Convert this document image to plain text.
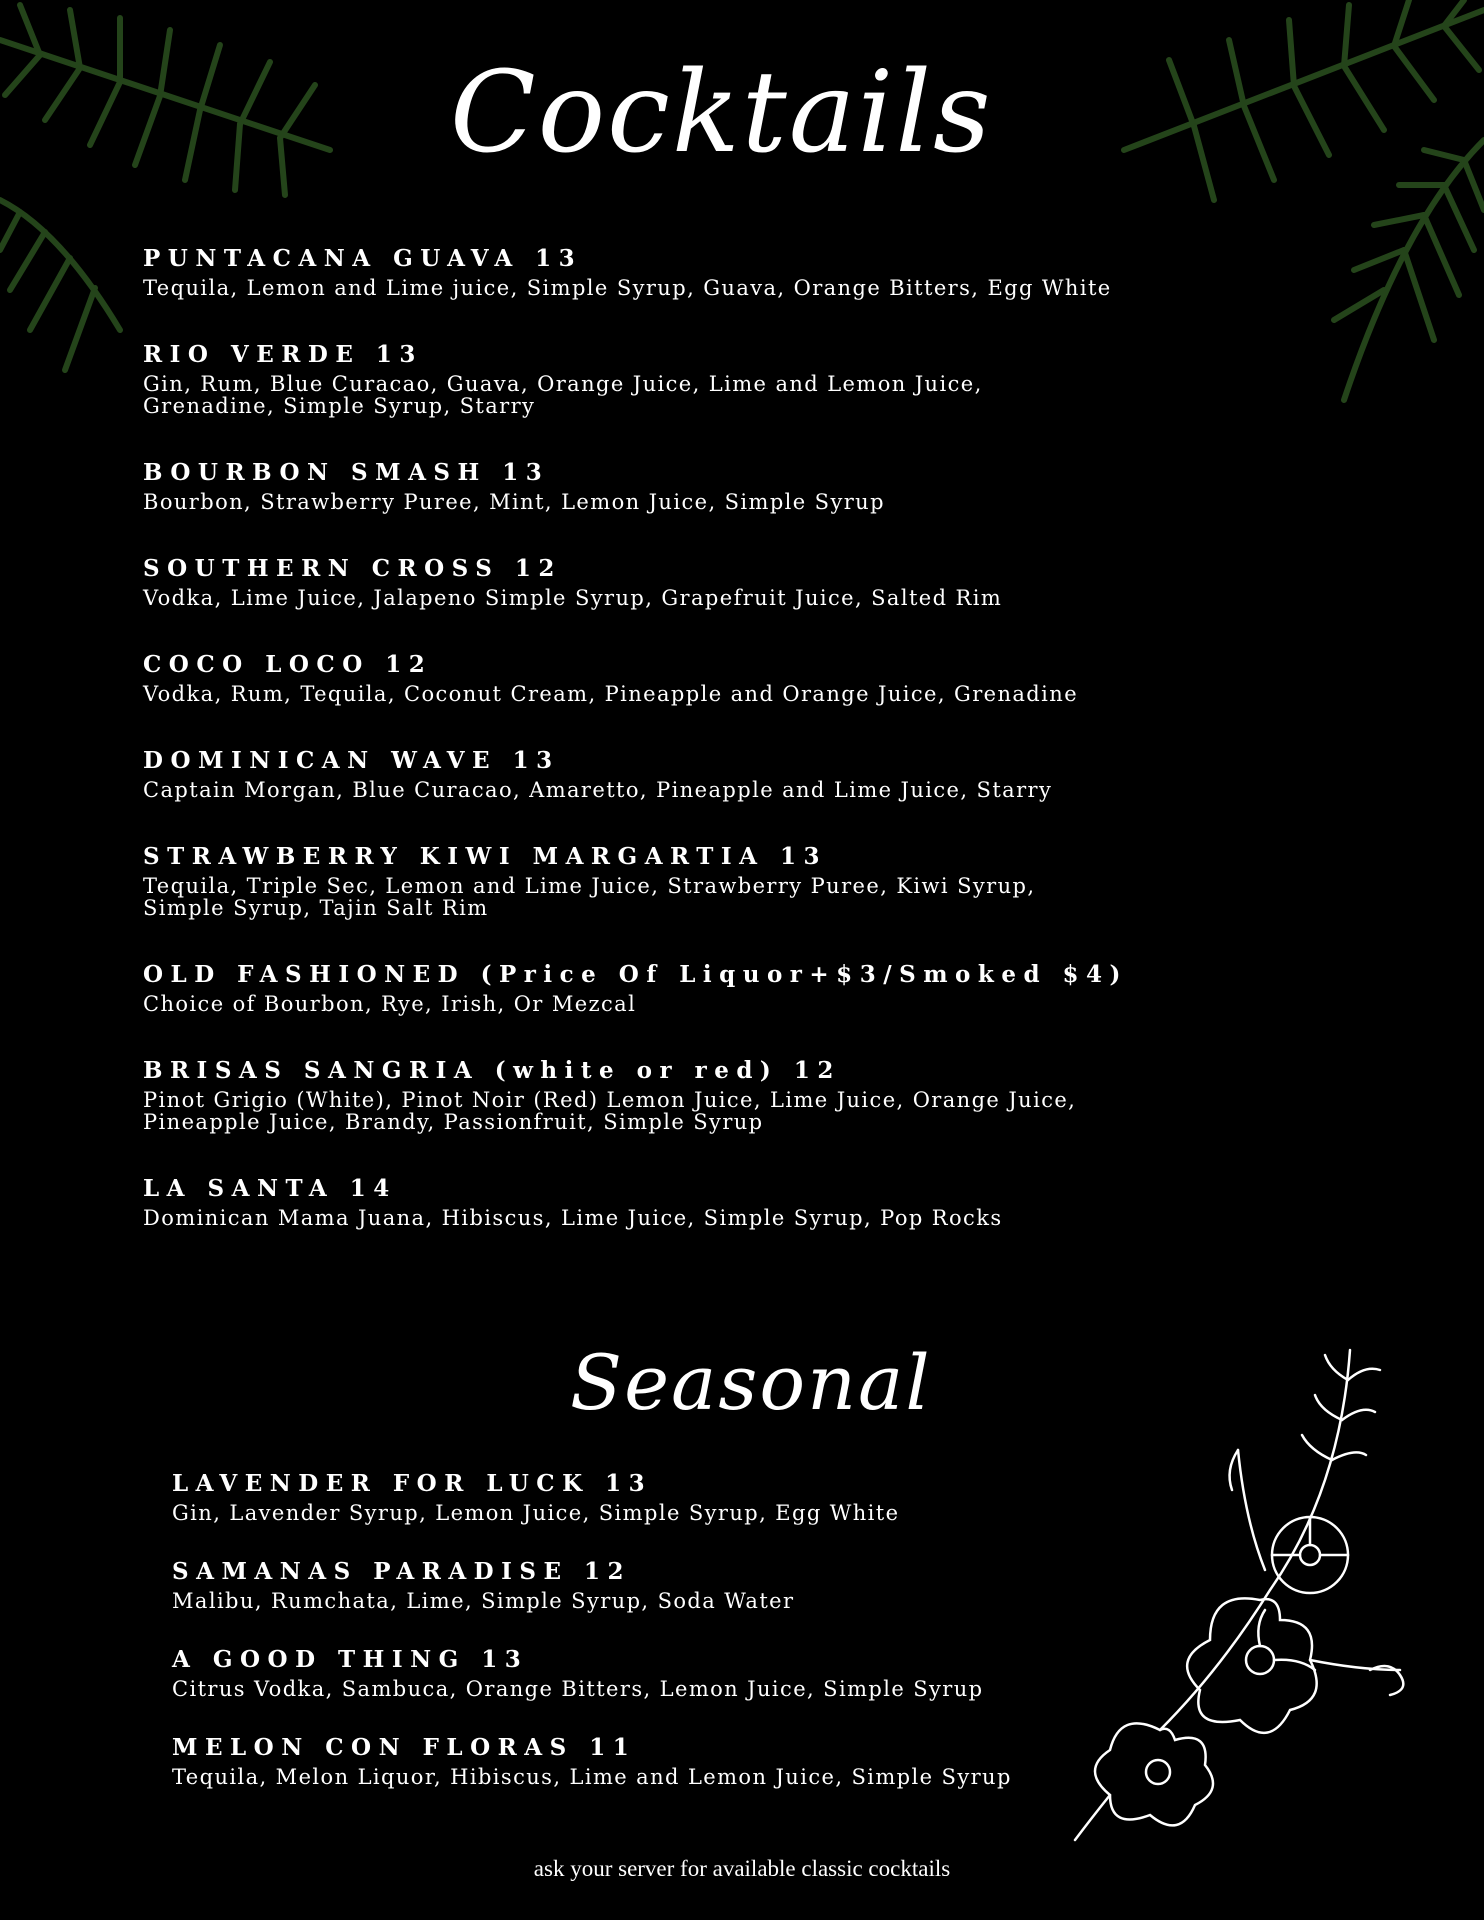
Cocktails
PUNTACANA GUAVA 13
Tequila, Lemon and Lime juice, Simple Syrup, Guava, Orange Bitters, Egg White
RIO VERDE 13
Gin, Rum, Blue Curacao, Guava, Orange Juice, Lime and Lemon Juice, Grenadine, Simple Syrup, Starry
BOURBON SMASH 13
Bourbon, Strawberry Puree, Mint, Lemon Juice, Simple Syrup
SOUTHERN CROSS 12
Vodka, Lime Juice, Jalapeno Simple Syrup, Grapefruit Juice, Salted Rim
COCO LOCO 12
Vodka, Rum, Tequila, Coconut Cream, Pineapple and Orange Juice, Grenadine
DOMINICAN WAVE 13
Captain Morgan, Blue Curacao, Amaretto, Pineapple and Lime Juice, Starry
STRAWBERRY KIWI MARGARTIA 13
Tequila, Triple Sec, Lemon and Lime Juice, Strawberry Puree, Kiwi Syrup, Simple Syrup, Tajin Salt Rim
OLD FASHIONED (Price Of Liquor+$3/Smoked $4)
Choice of Bourbon, Rye, Irish, Or Mezcal
BRISAS SANGRIA (white or red) 12
Pinot Grigio (White), Pinot Noir (Red) Lemon Juice, Lime Juice, Orange Juice, Pineapple Juice, Brandy, Passionfruit, Simple Syrup
LA SANTA 14
Dominican Mama Juana, Hibiscus, Lime Juice, Simple Syrup, Pop Rocks
Seasonal
LAVENDER FOR LUCK 13
Gin, Lavender Syrup, Lemon Juice, Simple Syrup, Egg White
SAMANAS PARADISE 12
Malibu, Rumchata, Lime, Simple Syrup, Soda Water
A GOOD THING 13
Citrus Vodka, Sambuca, Orange Bitters, Lemon Juice, Simple Syrup
MELON CON FLORAS 11
Tequila, Melon Liquor, Hibiscus, Lime and Lemon Juice, Simple Syrup
ask your server for available classic cocktails
